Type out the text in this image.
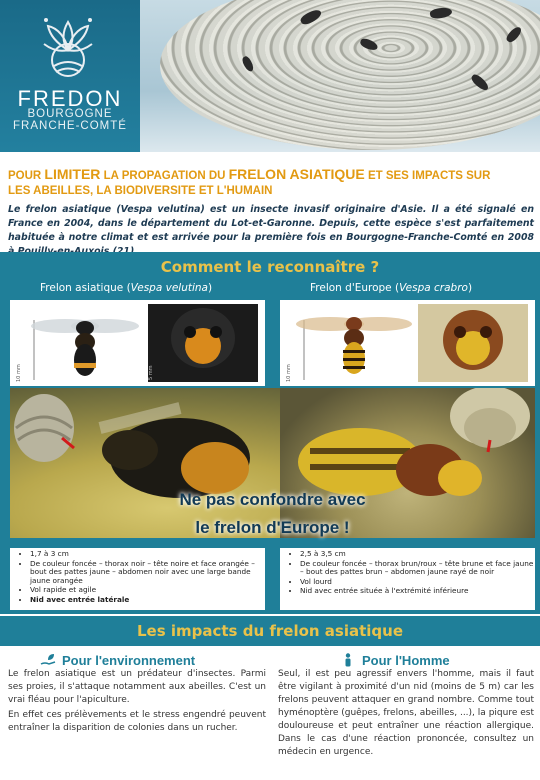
FREDON
BOURGOGNE
FRANCHE-COMTÉ
POUR LIMITER LA PROPAGATION DU FRELON ASIATIQUE ET SES IMPACTS SUR
LES ABEILLES, LA BIODIVERSITE ET L'HUMAIN

Le frelon asiatique (Vespa velutina) est un insecte invasif originaire d'Asie. Il a été signalé en France en 2004, dans le département du Lot-et-Garonne. Depuis, cette espèce s'est parfaitement habituée à notre climat et est arrivée pour la première fois en Bourgogne-Franche-Comté en 2008

Comment le reconnaître ?
Frelon asiatique (Vespa velutina)	Frelon d'Europe (Vespa crabro)
10 mm	5 mm	10 mm
Ne pas confondre avec
le frelon d'Europe !
• 1,7 à 3 cm
• De couleur foncée – thorax noir – tête noire et face orangée – bout des pattes jaune – abdomen noir avec une large bande jaune orangée
• Vol rapide et agile
• Nid avec entrée latérale
• 2,5 à 3,5 cm
• De couleur foncée – thorax brun/roux – tête brune et face jaune – bout des pattes brun – abdomen jaune rayé de noir
• Vol lourd
• Nid avec entrée située à l'extrémité inférieure
Les impacts du frelon asiatique
Pour l'environnement	Pour l'Homme

Le frelon asiatique est un prédateur d'insectes. Parmi ses proies, il s'attaque notamment aux abeilles. C'est un vrai fléau pour l'apiculture.

En effet ces prélèvements et le stress engendré peuvent entraîner la disparition de colonies dans un rucher.

Seul, il est peu agressif envers l'homme, mais il faut être vigilant à proximité d'un nid (moins de 5 m) car les frelons peuvent attaquer en grand nombre. Comme tout hyménoptère (guêpes, frelons, abeilles, ...), la piqure est douloureuse et peut entraîner une réaction allergique. Dans le cas d'une réaction prononcée, consultez un médecin en urgence.
